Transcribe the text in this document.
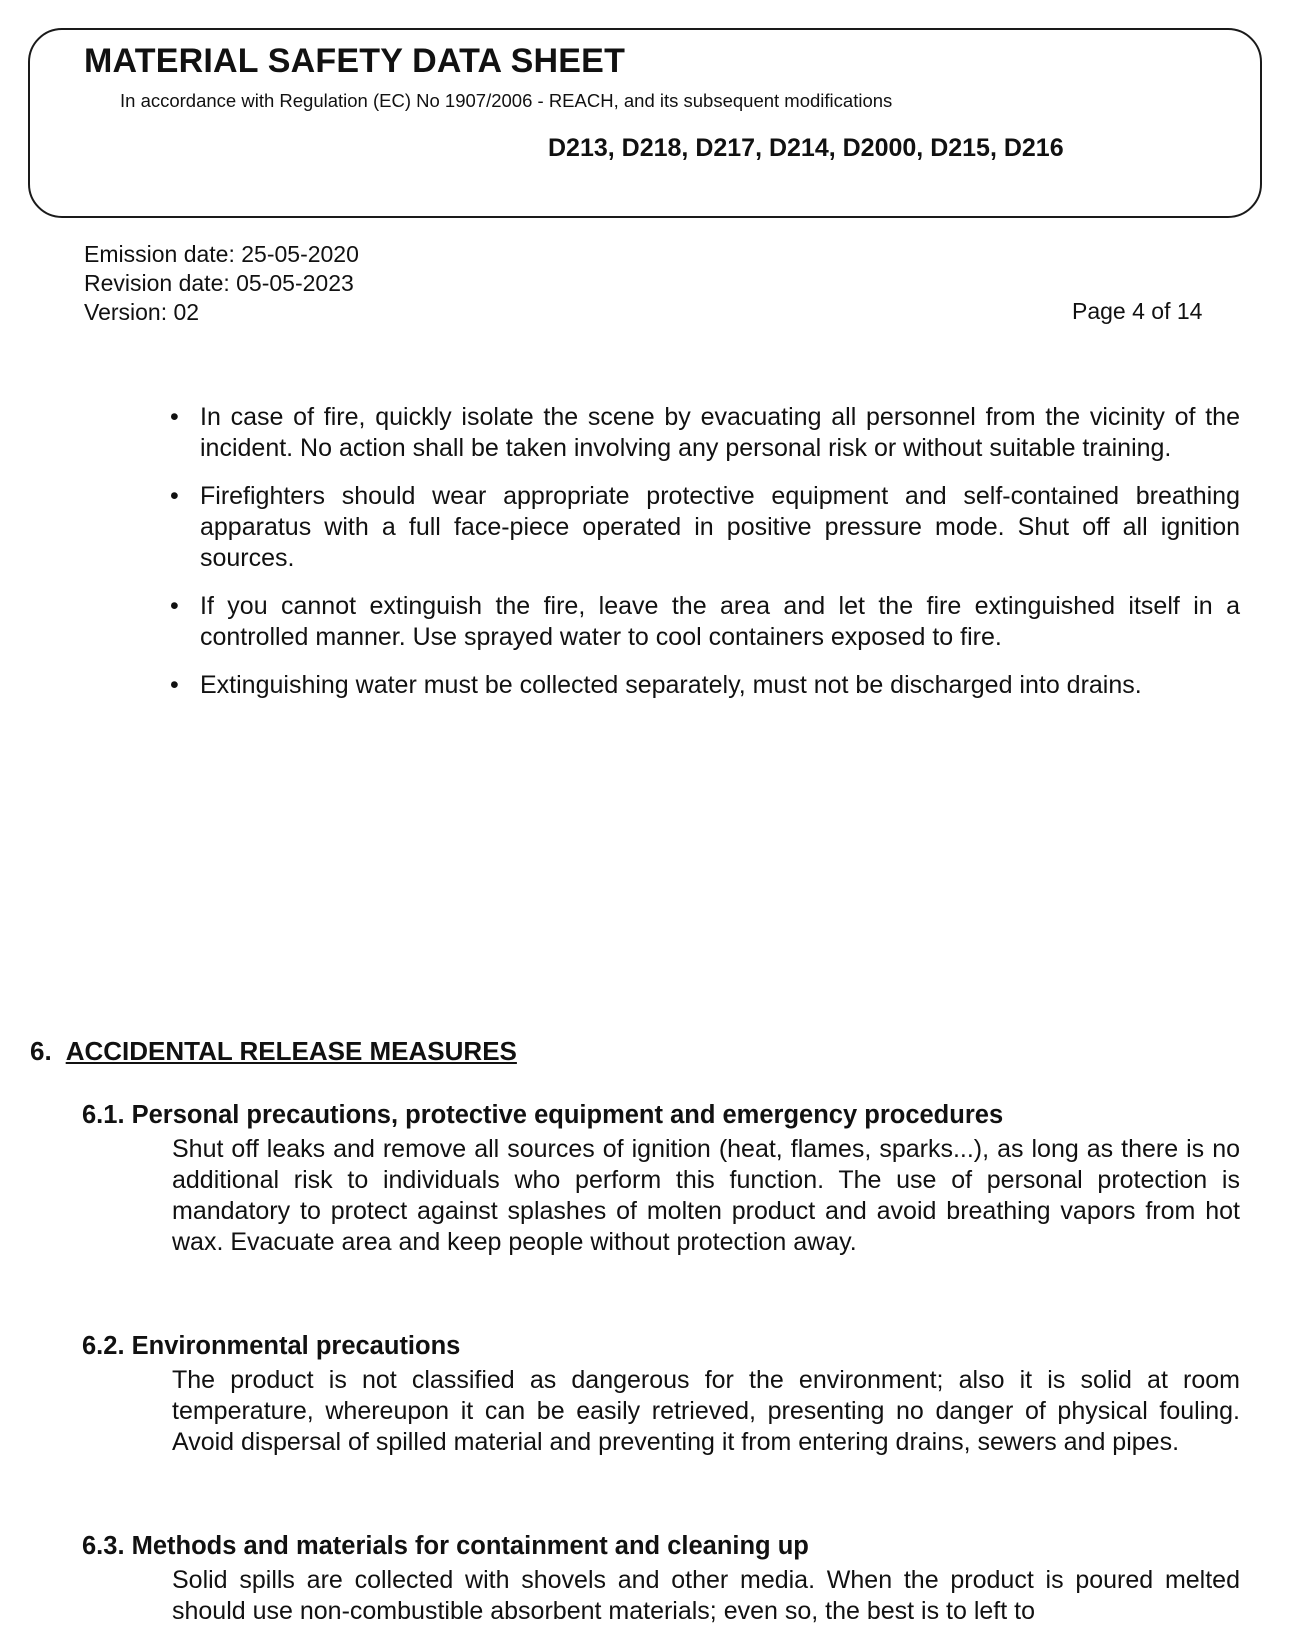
MATERIAL SAFETY DATA SHEET
In accordance with Regulation (EC) No 1907/2006 - REACH, and its subsequent modifications
D213, D218, D217, D214, D2000, D215, D216
Emission date: 25-05-2020
Revision date: 05-05-2023
Version: 02	Page 4 of 14
• In case of fire, quickly isolate the scene by evacuating all personnel from the vicinity of the incident. No action shall be taken involving any personal risk or without suitable training.
• Firefighters should wear appropriate protective equipment and self-contained breathing apparatus with a full face-piece operated in positive pressure mode. Shut off all ignition sources.
• If you cannot extinguish the fire, leave the area and let the fire extinguished itself in a controlled manner. Use sprayed water to cool containers exposed to fire.
• Extinguishing water must be collected separately, must not be discharged into drains.
6. ACCIDENTAL RELEASE MEASURES

6.1. Personal precautions, protective equipment and emergency procedures

Shut off leaks and remove all sources of ignition (heat, flames, sparks...), as long as there is no additional risk to individuals who perform this function. The use of personal protection is mandatory to protect against splashes of molten product and avoid breathing vapors from hot wax. Evacuate area and keep people without protection away.

6.2. Environmental precautions

The product is not classified as dangerous for the environment; also it is solid at room temperature, whereupon it can be easily retrieved, presenting no danger of physical fouling. Avoid dispersal of spilled material and preventing it from entering drains, sewers and pipes.

6.3. Methods and materials for containment and cleaning up

Solid spills are collected with shovels and other media. When the product is poured melted should use non-combustible absorbent materials; even so, the best is to left to
